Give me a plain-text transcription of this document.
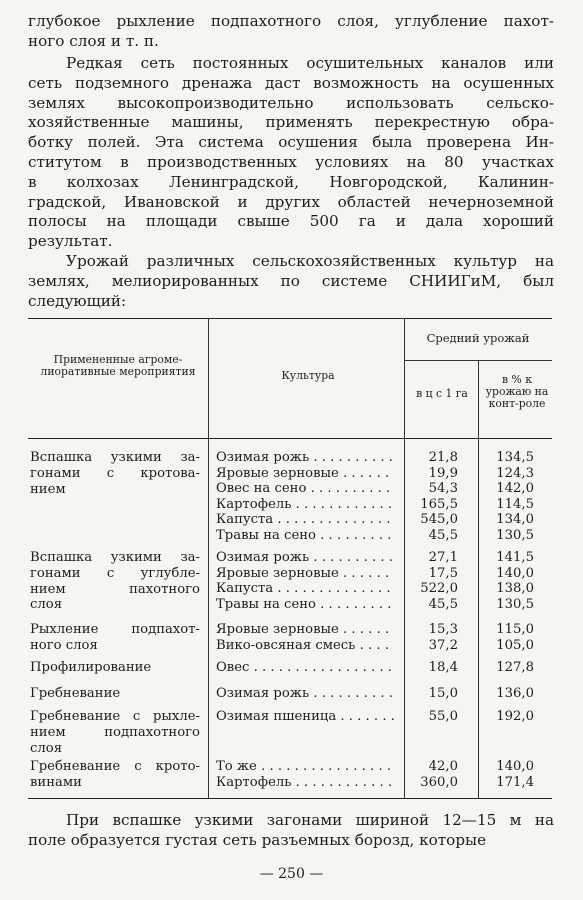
глубокое рыхление подпахотного слоя, углубление пахот-
ного слоя и т. п.

Редкая сеть постоянных осушительных каналов или
сеть подземного дренажа даст возможность на осушенных
землях высокопроизводительно использовать сельско-
хозяйственные машины, применять перекрестную обра-
ботку полей. Эта система осушения была проверена Ин-
ститутом в производственных условиях на 80 участках
в колхозах Ленинградской, Новгородской, Калинин-
градской, Ивановской и других областей нечерноземной
полосы на площади свыше 500 га и дала хороший
результат.

Урожай различных сельскохозяйственных культур на
землях, мелиорированных по системе СНИИГиМ, был
следующий:

Примененные агроме-лиоративные мероприятия	Культура
Средний урожай
в ц с 1 га
в % к урожаю на конт-роле
Вспашка узкими за-
гонами с кротова-
нием
Озимая рожь . . .	21,8	134,5
Яровые зерновые . . .	19,9	124,3
Овес на сено . . .	54,3	142,0
Картофель . . .	165,5	114,5
Капуста . . .	545,0	134,0
Травы на сено . . .	45,5	130,5
Вспашка узкими за-
гонами с углубле-
нием пахотного
слоя
Озимая рожь . . .	27,1	141,5
Яровые зерновые . . .	17,5	140,0
Капуста . . .	522,0	138,0
Травы на сено . . .	45,5	130,5
Рыхление подпахот-
ного слоя
Яровые зерновые . . .	15,3	115,0
Вико-овсяная смесь . . .	37,2	105,0
Профилирование	Овес . . .	18,4	127,8
Гребневание	Озимая рожь . . .	15,0	136,0
Гребневание с рыхле-
нием подпахотного
слоя
Озимая пшеница . . .	55,0	192,0
Гребневание с крото-
винами
То же . . .	42,0	140,0
Картофель . . .	360,0	171,4

При вспашке узкими загонами шириной 12—15 м на
поле образуется густая сеть разъемных борозд, которые

— 250 —
